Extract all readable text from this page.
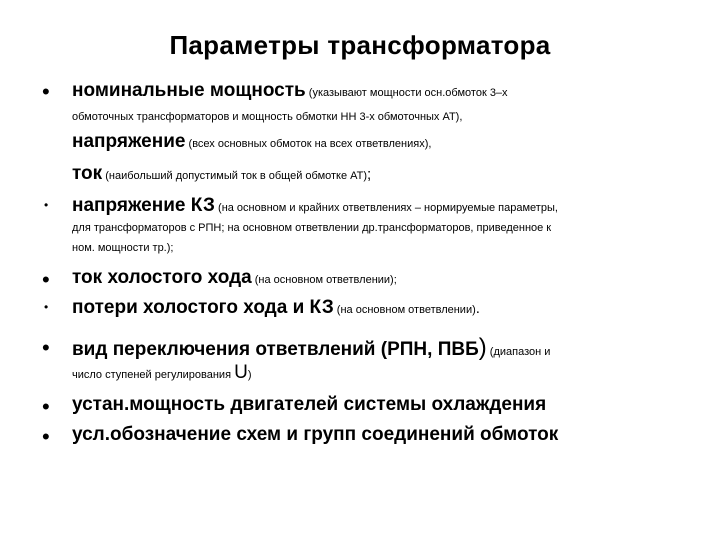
Параметры трансформатора
• номинальные мощность (указывают мощности осн.обмоток 3–х
обмоточных трансформаторов и мощность обмотки НН 3-х обмоточных АТ),
напряжение (всех основных обмоток на всех ответвлениях),
ток (наибольший допустимый ток в общей обмотке АТ);
• напряжение КЗ (на основном и крайних ответвлениях – нормируемые параметры,
для трансформаторов с РПН; на основном ответвлении др.трансформаторов, приведенное к
ном. мощности тр.);
• ток холостого хода (на основном ответвлении);
• потери холостого хода и КЗ (на основном ответвлении).
• вид переключения ответвлений (РПН, ПВБ) (диапазон и
число ступеней регулирования U)
• устан.мощность двигателей системы охлаждения
• усл.обозначение схем и групп соединений обмоток
